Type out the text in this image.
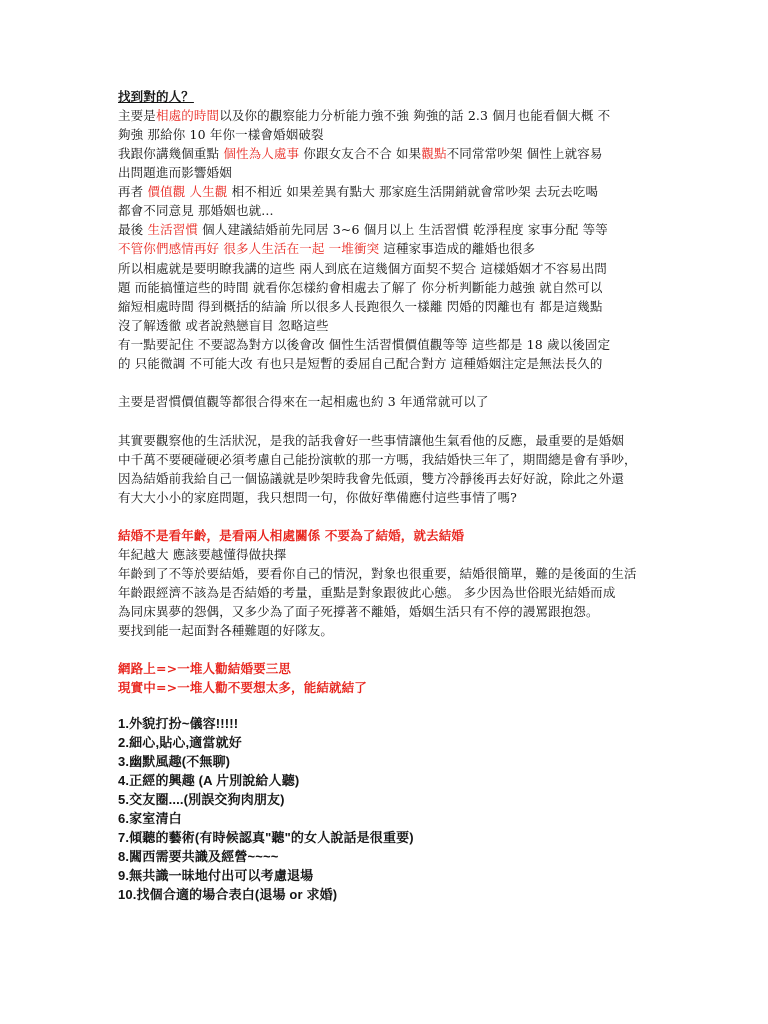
找到對的人？
主要是相處的時間以及你的觀察能力分析能力強不強 夠強的話 2.3 個月也能看個大概 不
夠強 那給你 10 年你一樣會婚姻破裂
我跟你講幾個重點 個性為人處事 你跟女友合不合 如果觀點不同常常吵架 個性上就容易
出問題進而影響婚姻
再者 價值觀 人生觀 相不相近 如果差異有點大 那家庭生活開銷就會常吵架 去玩去吃喝
都會不同意見 那婚姻也就...
最後 生活習慣 個人建議結婚前先同居 3~6 個月以上 生活習慣 乾淨程度 家事分配 等等
不管你們感情再好 很多人生活在一起 一堆衝突 這種家事造成的離婚也很多
所以相處就是要明瞭我講的這些 兩人到底在這幾個方面契不契合 這樣婚姻才不容易出問
題 而能搞懂這些的時間 就看你怎樣約會相處去了解了 你分析判斷能力越強 就自然可以
縮短相處時間 得到概括的結論 所以很多人長跑很久一樣離 閃婚的閃離也有 都是這幾點
沒了解透徹 或者說熱戀盲目 忽略這些
有一點要記住 不要認為對方以後會改 個性生活習慣價值觀等等 這些都是 18 歲以後固定
的 只能微調 不可能大改 有也只是短暫的委屈自己配合對方 這種婚姻注定是無法長久的
主要是習慣價值觀等都很合得來在一起相處也約 3 年通常就可以了
其實要觀察他的生活狀況，是我的話我會好一些事情讓他生氣看他的反應，最重要的是婚姻
中千萬不要硬碰硬必須考慮自己能扮演軟的那一方嗎，我結婚快三年了，期間總是會有爭吵，
因為結婚前我給自己一個協議就是吵架時我會先低頭，雙方冷靜後再去好好說，除此之外還
有大大小小的家庭問題，我只想問一句，你做好準備應付這些事情了嗎?
結婚不是看年齡，是看兩人相處關係 不要為了結婚，就去結婚
年紀越大 應該要越懂得做抉擇
年齡到了不等於要結婚，要看你自己的情況，對象也很重要，結婚很簡單，難的是後面的生活
年齡跟經濟不該為是否結婚的考量，重點是對象跟彼此心態。 多少因為世俗眼光結婚而成
為同床異夢的怨偶，又多少為了面子死撐著不離婚，婚姻生活只有不停的謾罵跟抱怨。
要找到能一起面對各種難題的好隊友。
網路上=>一堆人勸結婚要三思
現實中=>一堆人勸不要想太多，能結就結了
1.外貌打扮~儀容!!!!!
2.細心,貼心,適當就好
3.幽默風趣(不無聊)
4.正經的興趣 (A 片別說給人聽)
5.交友圈....(別誤交狗肉朋友)
6.家室清白
7.傾聽的藝術(有時候認真"聽"的女人說話是很重要)
8.闗西需要共識及經營~~~~
9.無共識一昧地付出可以考慮退場
10.找個合適的場合表白(退場 or 求婚)
